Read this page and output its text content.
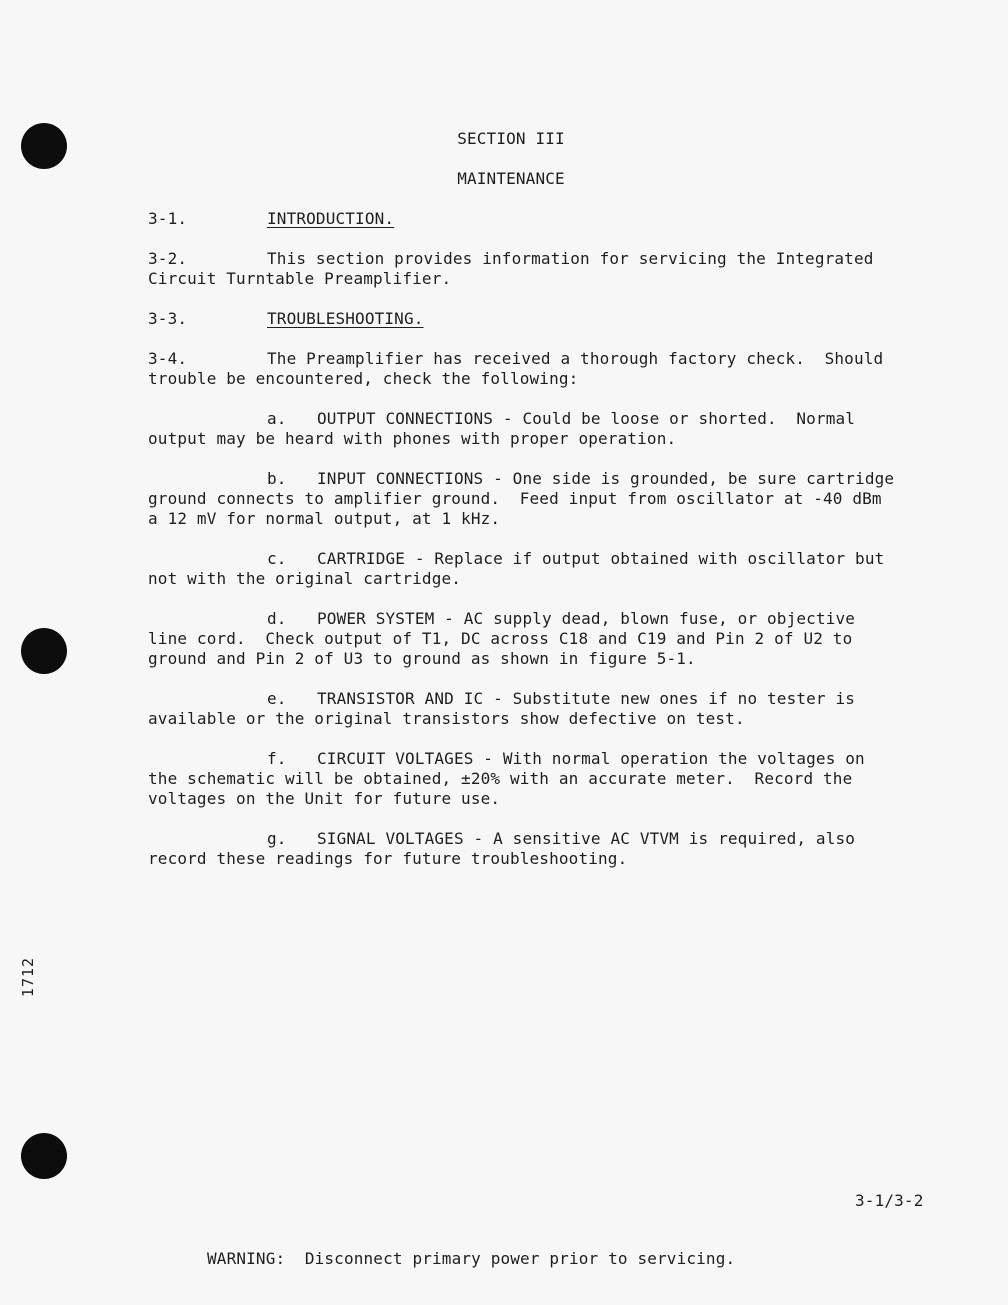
SECTION III
MAINTENANCE
3-1.	INTRODUCTION.
3-2.	This section provides information for servicing the Integrated
Circuit Turntable Preamplifier.
3-3.	TROUBLESHOOTING.
3-4.	The Preamplifier has received a thorough factory check.  Should
trouble be encountered, check the following:
a. OUTPUT CONNECTIONS - Could be loose or shorted.  Normal
output may be heard with phones with proper operation.
b. INPUT CONNECTIONS - One side is grounded, be sure cartridge
ground connects to amplifier ground.  Feed input from oscillator at -40 dBm
a 12 mV for normal output, at 1 kHz.
c. CARTRIDGE - Replace if output obtained with oscillator but
not with the original cartridge.
d. POWER SYSTEM - AC supply dead, blown fuse, or objective
line cord.  Check output of T1, DC across C18 and C19 and Pin 2 of U2 to
ground and Pin 2 of U3 to ground as shown in figure 5-1.
e. TRANSISTOR AND IC - Substitute new ones if no tester is
available or the original transistors show defective on test.
f. CIRCUIT VOLTAGES - With normal operation the voltages on
the schematic will be obtained, ±20% with an accurate meter.  Record the
voltages on the Unit for future use.
g. SIGNAL VOLTAGES - A sensitive AC VTVM is required, also
record these readings for future troubleshooting.
1712
3-1/3-2
WARNING:  Disconnect primary power prior to servicing.
